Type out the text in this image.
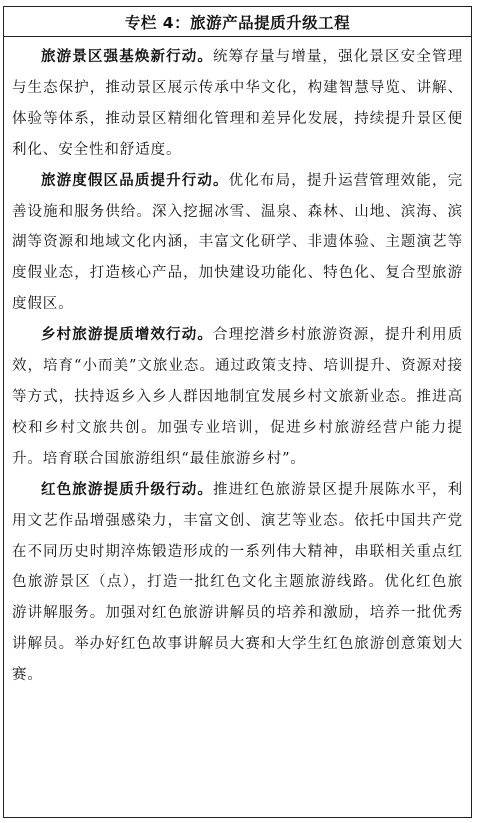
专栏 4：旅游产品提质升级工程

旅游景区强基焕新行动。统筹存量与增量，强化景区安全管理与生态保护，推动景区展示传承中华文化，构建智慧导览、讲解、体验等体系，推动景区精细化管理和差异化发展，持续提升景区便利化、安全性和舒适度。

旅游度假区品质提升行动。优化布局，提升运营管理效能，完善设施和服务供给。深入挖掘冰雪、温泉、森林、山地、滨海、滨湖等资源和地域文化内涵，丰富文化研学、非遗体验、主题演艺等度假业态，打造核心产品，加快建设功能化、特色化、复合型旅游度假区。

乡村旅游提质增效行动。合理挖潜乡村旅游资源，提升利用质效，培育“小而美”文旅业态。通过政策支持、培训提升、资源对接等方式，扶持返乡入乡人群因地制宜发展乡村文旅新业态。推进高校和乡村文旅共创。加强专业培训，促进乡村旅游经营户能力提升。培育联合国旅游组织“最佳旅游乡村”。

红色旅游提质升级行动。推进红色旅游景区提升展陈水平，利用文艺作品增强感染力，丰富文创、演艺等业态。依托中国共产党在不同历史时期淬炼锻造形成的一系列伟大精神，串联相关重点红色旅游景区（点），打造一批红色文化主题旅游线路。优化红色旅游讲解服务。加强对红色旅游讲解员的培养和激励，培养一批优秀讲解员。举办好红色故事讲解员大赛和大学生红色旅游创意策划大赛。
